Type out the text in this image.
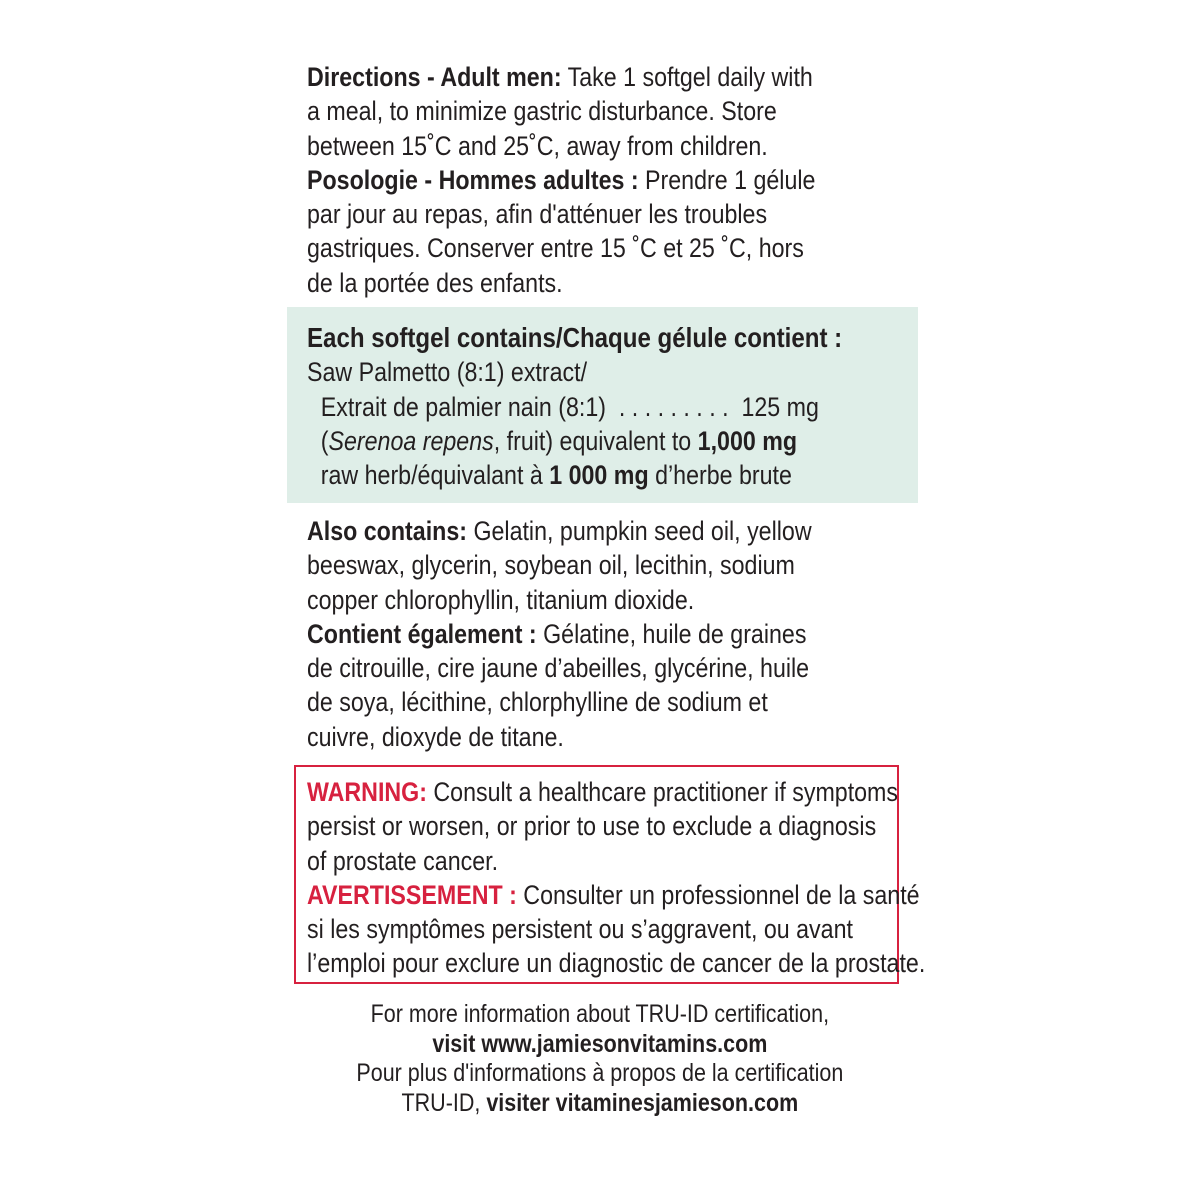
Directions - Adult men: Take 1 softgel daily with

a meal, to minimize gastric disturbance. Store

between 15˚C and 25˚C, away from children.

Posologie - Hommes adultes : Prendre 1 gélule

par jour au repas, afin d'atténuer les troubles

gastriques. Conserver entre 15 ˚C et 25 ˚C, hors

de la portée des enfants.

Each softgel contains/Chaque gélule contient :

Saw Palmetto (8:1) extract/

Extrait de palmier nain (8:1)  . . . . . . . . .  125 mg

(Serenoa repens, fruit) equivalent to 1,000 mg

raw herb/équivalant à 1 000 mg d’herbe brute

Also contains: Gelatin, pumpkin seed oil, yellow

beeswax, glycerin, soybean oil, lecithin, sodium

copper chlorophyllin, titanium dioxide.

Contient également : Gélatine, huile de graines

de citrouille, cire jaune d’abeilles, glycérine, huile

de soya, lécithine, chlorphylline de sodium et

cuivre, dioxyde de titane.

WARNING: Consult a healthcare practitioner if symptoms

persist or worsen, or prior to use to exclude a diagnosis

of prostate cancer.

AVERTISSEMENT : Consulter un professionnel de la santé

si les symptômes persistent ou s’aggravent, ou avant

l’emploi pour exclure un diagnostic de cancer de la prostate.

For more information about TRU-ID certification,
visit www.jamiesonvitamins.com
Pour plus d'informations à propos de la certification
TRU-ID, visiter vitaminesjamieson.com
